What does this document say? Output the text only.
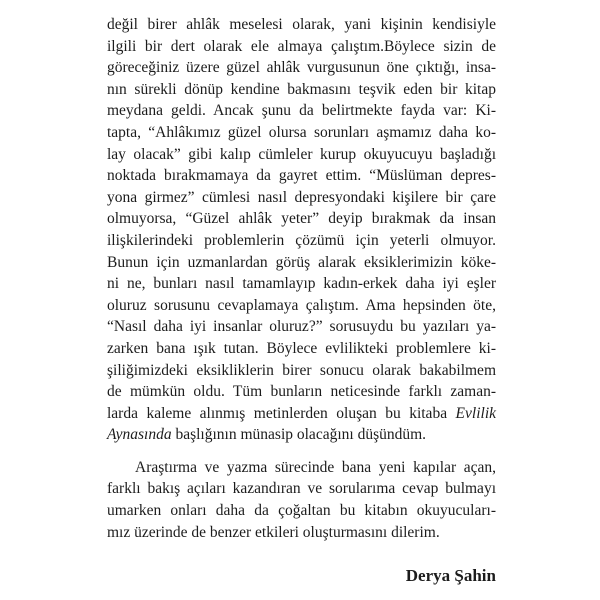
değil birer ahlâk meselesi olarak, yani kişinin kendisiyle
ilgili bir dert olarak ele almaya çalıştım.Böylece sizin de
göreceğiniz üzere güzel ahlâk vurgusunun öne çıktığı, insa-
nın sürekli dönüp kendine bakmasını teşvik eden bir kitap
meydana geldi. Ancak şunu da belirtmekte fayda var: Ki-
tapta, “Ahlâkımız güzel olursa sorunları aşmamız daha ko-
lay olacak” gibi kalıp cümleler kurup okuyucuyu başladığı
noktada bırakmamaya da gayret ettim. “Müslüman depres-
yona girmez” cümlesi nasıl depresyondaki kişilere bir çare
olmuyorsa, “Güzel ahlâk yeter” deyip bırakmak da insan
ilişkilerindeki problemlerin çözümü için yeterli olmuyor.
Bunun için uzmanlardan görüş alarak eksiklerimizin köke-
ni ne, bunları nasıl tamamlayıp kadın-erkek daha iyi eşler
oluruz sorusunu cevaplamaya çalıştım. Ama hepsinden öte,
“Nasıl daha iyi insanlar oluruz?” sorusuydu bu yazıları ya-
zarken bana ışık tutan. Böylece evlilikteki problemlere ki-
şiliğimizdeki eksikliklerin birer sonucu olarak bakabilmem
de mümkün oldu. Tüm bunların neticesinde farklı zaman-
larda kaleme alınmış metinlerden oluşan bu kitaba Evlilik
Aynasında başlığının münasip olacağını düşündüm.
Araştırma ve yazma sürecinde bana yeni kapılar açan,
farklı bakış açıları kazandıran ve sorularıma cevap bulmayı
umarken onları daha da çoğaltan bu kitabın okuyucuları-
mız üzerinde de benzer etkileri oluşturmasını dilerim.
Derya Şahin
